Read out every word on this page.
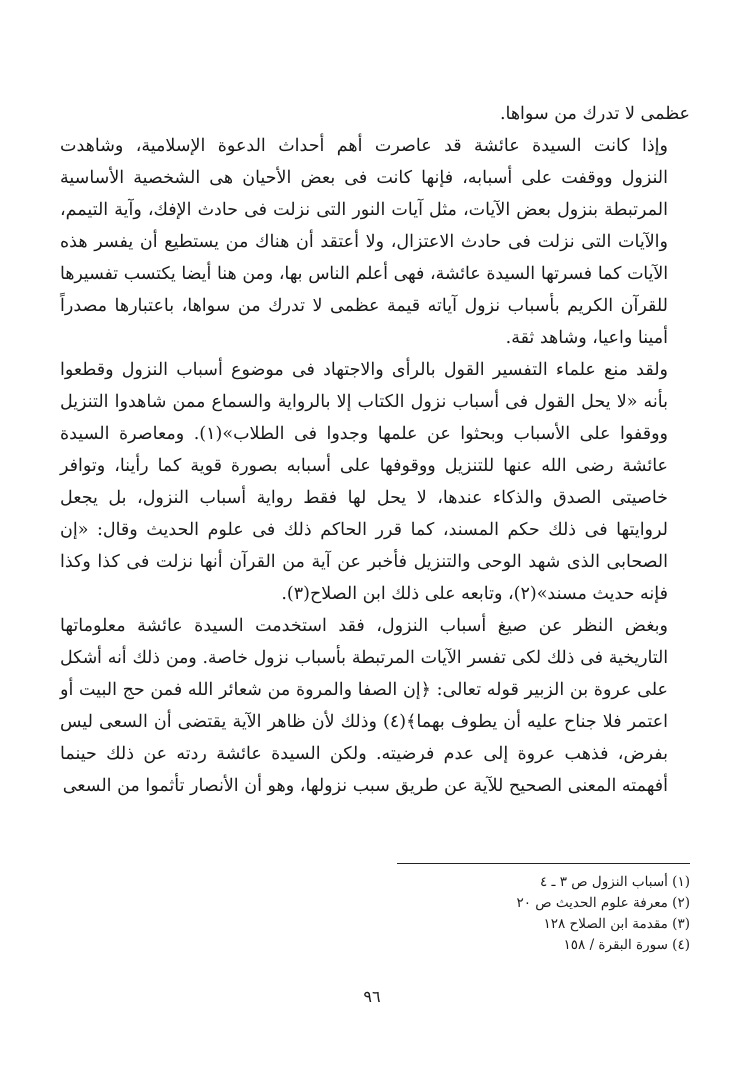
عظمى لا تدرك من سواها.

وإذا كانت السيدة عائشة قد عاصرت أهم أحداث الدعوة الإسلامية، وشاهدت
النزول ووقفت على أسبابه، فإنها كانت فى بعض الأحيان هى الشخصية الأساسية
المرتبطة بنزول بعض الآيات، مثل آيات النور التى نزلت فى حادث الإفك، وآية التيمم،
والآيات التى نزلت فى حادث الاعتزال، ولا أعتقد أن هناك من يستطيع أن يفسر هذه
الآيات كما فسرتها السيدة عائشة، فهى أعلم الناس بها، ومن هنا أيضا يكتسب تفسيرها
للقرآن الكريم بأسباب نزول آياته قيمة عظمى لا تدرك من سواها، باعتبارها مصدراً
أمينا واعيا، وشاهد ثقة.

ولقد منع علماء التفسير القول بالرأى والاجتهاد فى موضوع أسباب النزول وقطعوا
بأنه «لا يحل القول فى أسباب نزول الكتاب إلا بالرواية والسماع ممن شاهدوا التنزيل
ووقفوا على الأسباب وبحثوا عن علمها وجدوا فى الطلاب»(١). ومعاصرة السيدة
عائشة رضى الله عنها للتنزيل ووقوفها على أسبابه بصورة قوية كما رأينا، وتوافر
خاصيتى الصدق والذكاء عندها، لا يحل لها فقط رواية أسباب النزول، بل يجعل
لروايتها فى ذلك حكم المسند، كما قرر الحاكم ذلك فى علوم الحديث وقال: «إن
الصحابى الذى شهد الوحى والتنزيل فأخبر عن آية من القرآن أنها نزلت فى كذا وكذا
فإنه حديث مسند»(٢)، وتابعه على ذلك ابن الصلاح(٣).

وبغض النظر عن صيغ أسباب النزول، فقد استخدمت السيدة عائشة معلوماتها
التاريخية فى ذلك لكى تفسر الآيات المرتبطة بأسباب نزول خاصة. ومن ذلك أنه أشكل
على عروة بن الزبير قوله تعالى: ﴿إن الصفا والمروة من شعائر الله فمن حج البيت أو
اعتمر فلا جناح عليه أن يطوف بهما﴾(٤) وذلك لأن ظاهر الآية يقتضى أن السعى ليس
بفرض، فذهب عروة إلى عدم فرضيته. ولكن السيدة عائشة ردته عن ذلك حينما
أفهمته المعنى الصحيح للآية عن طريق سبب نزولها، وهو أن الأنصار تأثموا من السعى

(١) أسباب النزول ص ٣ ـ ٤
(٢) معرفة علوم الحديث ص ٢٠
(٣) مقدمة ابن الصلاح ١٢٨
(٤) سورة البقرة / ١٥٨
٩٦
